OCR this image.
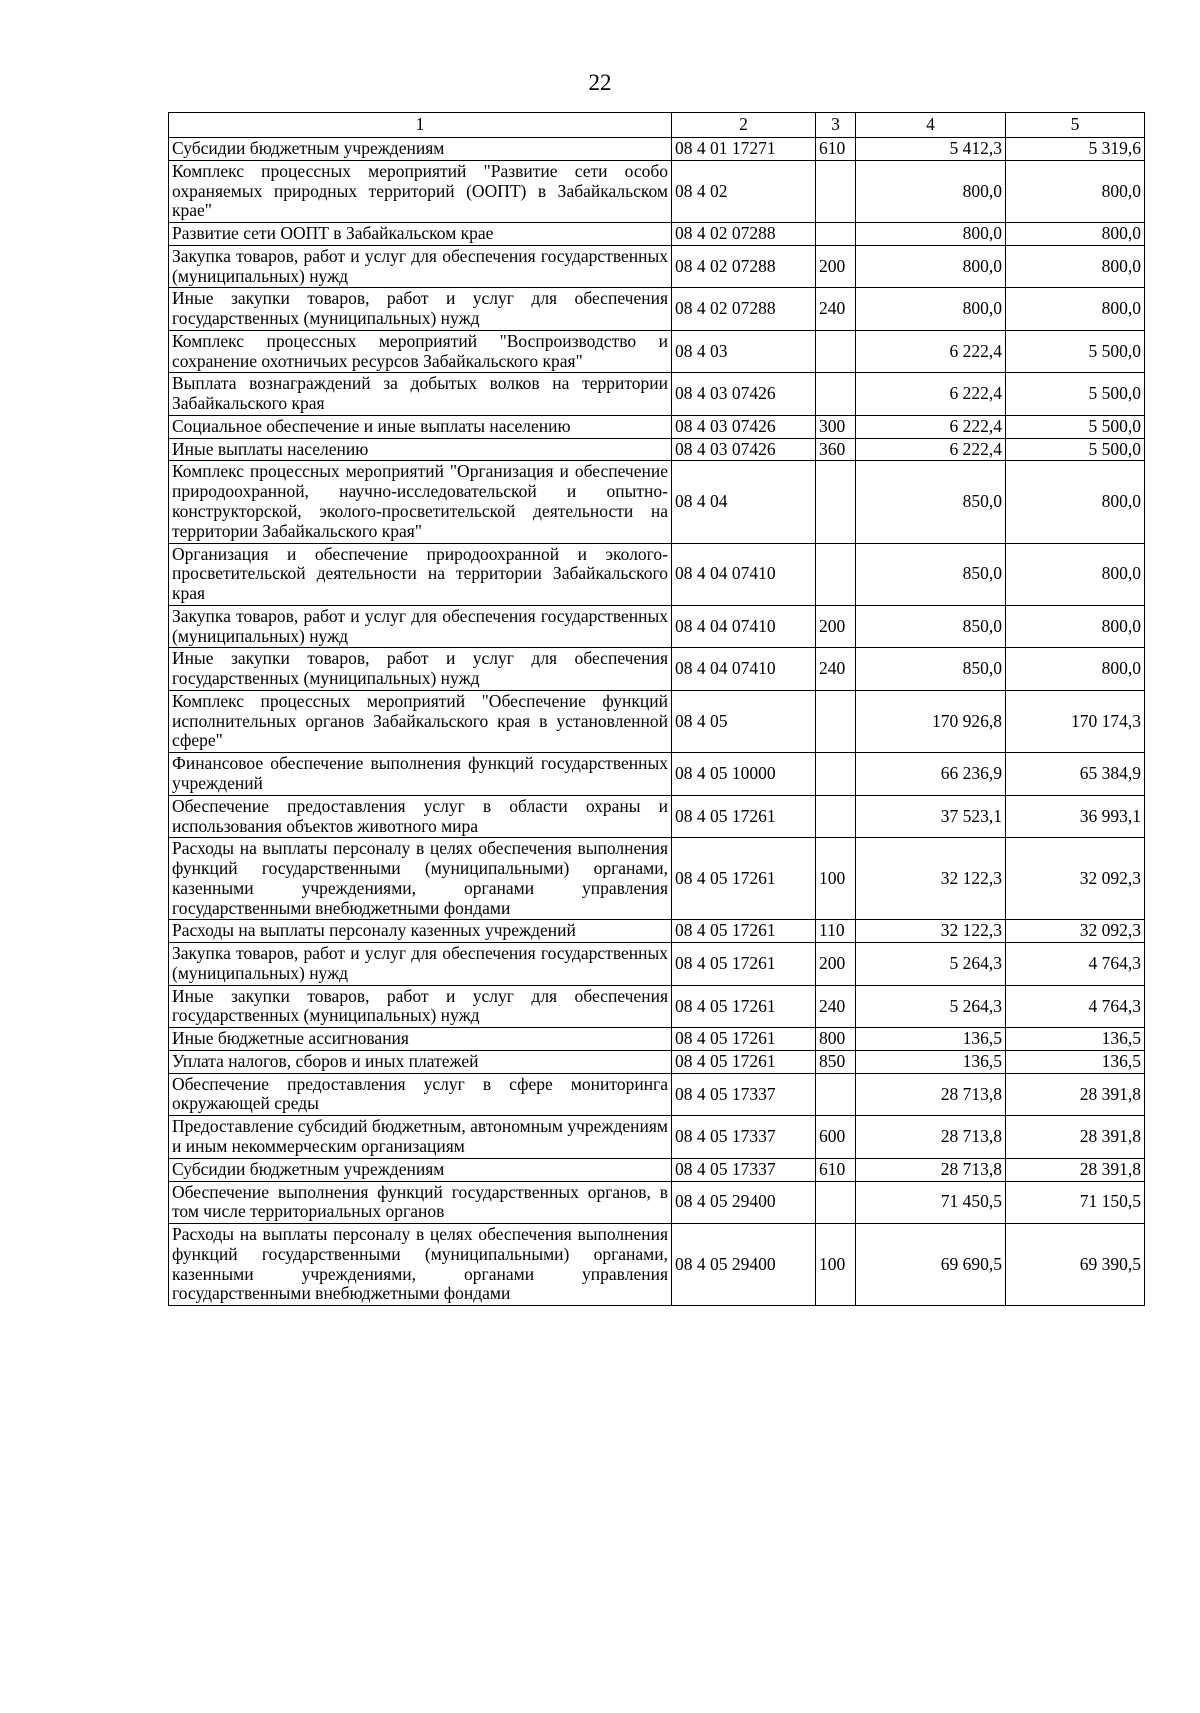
22
1	2	3	4	5
Субсидии бюджетным учреждениям	08 4 01 17271	610	5 412,3	5 319,6
Комплекс процессных мероприятий "Развитие сети особо охраняемых природных территорий (ООПТ) в Забайкальском крае"	08 4 02		800,0	800,0
Развитие сети ООПТ в Забайкальском крае	08 4 02 07288		800,0	800,0
Закупка товаров, работ и услуг для обеспечения государственных (муниципальных) нужд	08 4 02 07288	200	800,0	800,0
Иные закупки товаров, работ и услуг для обеспечения государственных (муниципальных) нужд	08 4 02 07288	240	800,0	800,0
Комплекс процессных мероприятий "Воспроизводство и сохранение охотничьих ресурсов Забайкальского края"	08 4 03		6 222,4	5 500,0
Выплата вознаграждений за добытых волков на территории Забайкальского края	08 4 03 07426		6 222,4	5 500,0
Социальное обеспечение и иные выплаты населению	08 4 03 07426	300	6 222,4	5 500,0
Иные выплаты населению	08 4 03 07426	360	6 222,4	5 500,0
Комплекс процессных мероприятий "Организация и обеспечение природоохранной, научно-исследовательской и опытно-конструкторской, эколого-просветительской деятельности на территории Забайкальского края"	08 4 04		850,0	800,0
Организация и обеспечение природоохранной и эколого-просветительской деятельности на территории Забайкальского края	08 4 04 07410		850,0	800,0
Закупка товаров, работ и услуг для обеспечения государственных (муниципальных) нужд	08 4 04 07410	200	850,0	800,0
Иные закупки товаров, работ и услуг для обеспечения государственных (муниципальных) нужд	08 4 04 07410	240	850,0	800,0
Комплекс процессных мероприятий "Обеспечение функций исполнительных органов Забайкальского края в установленной сфере"	08 4 05		170 926,8	170 174,3
Финансовое обеспечение выполнения функций государственных учреждений	08 4 05 10000		66 236,9	65 384,9
Обеспечение предоставления услуг в области охраны и использования объектов животного мира	08 4 05 17261		37 523,1	36 993,1
Расходы на выплаты персоналу в целях обеспечения выполнения функций государственными (муниципальными) органами, казенными учреждениями, органами управления государственными внебюджетными фондами	08 4 05 17261	100	32 122,3	32 092,3
Расходы на выплаты персоналу казенных учреждений	08 4 05 17261	110	32 122,3	32 092,3
Закупка товаров, работ и услуг для обеспечения государственных (муниципальных) нужд	08 4 05 17261	200	5 264,3	4 764,3
Иные закупки товаров, работ и услуг для обеспечения государственных (муниципальных) нужд	08 4 05 17261	240	5 264,3	4 764,3
Иные бюджетные ассигнования	08 4 05 17261	800	136,5	136,5
Уплата налогов, сборов и иных платежей	08 4 05 17261	850	136,5	136,5
Обеспечение предоставления услуг в сфере мониторинга окружающей среды	08 4 05 17337		28 713,8	28 391,8
Предоставление субсидий бюджетным, автономным учреждениям и иным некоммерческим организациям	08 4 05 17337	600	28 713,8	28 391,8
Субсидии бюджетным учреждениям	08 4 05 17337	610	28 713,8	28 391,8
Обеспечение выполнения функций государственных органов, в том числе территориальных органов	08 4 05 29400		71 450,5	71 150,5
Расходы на выплаты персоналу в целях обеспечения выполнения функций государственными (муниципальными) органами, казенными учреждениями, органами управления государственными внебюджетными фондами	08 4 05 29400	100	69 690,5	69 390,5
